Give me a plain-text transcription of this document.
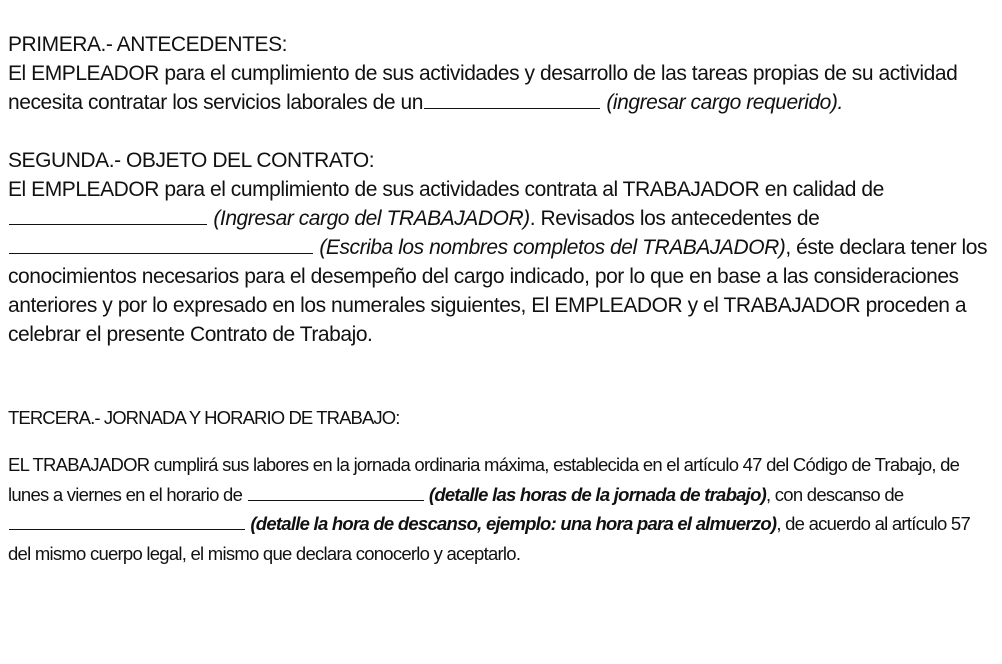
PRIMERA.- ANTECEDENTES:

El EMPLEADOR para el cumplimiento de sus actividades y desarrollo de las tareas propias de su actividad necesita contratar los servicios laborales de un	(ingresar cargo requerido).

SEGUNDA.- OBJETO DEL CONTRATO:

El EMPLEADOR para el cumplimiento de sus actividades contrata al TRABAJADOR en calidad de (Ingresar cargo del TRABAJADOR). Revisados los antecedentes de  (Escriba los nombres completos del TRABAJADOR), éste declara tener los conocimientos necesarios para el desempeño del cargo indicado, por lo que en base a las consideraciones anteriores y por lo expresado en los numerales siguientes, El EMPLEADOR y el TRABAJADOR proceden a celebrar el presente Contrato de Trabajo.

TERCERA.- JORNADA Y HORARIO DE TRABAJO:

EL TRABAJADOR cumplirá sus labores en la jornada ordinaria máxima, establecida en el artículo 47 del Código de Trabajo, de lunes a viernes en el horario de	(detalle las horas de la jornada de trabajo), con descanso de  (detalle la hora de descanso, ejemplo: una hora para el almuerzo), de acuerdo al artículo 57 del mismo cuerpo legal, el mismo que declara conocerlo y aceptarlo.
